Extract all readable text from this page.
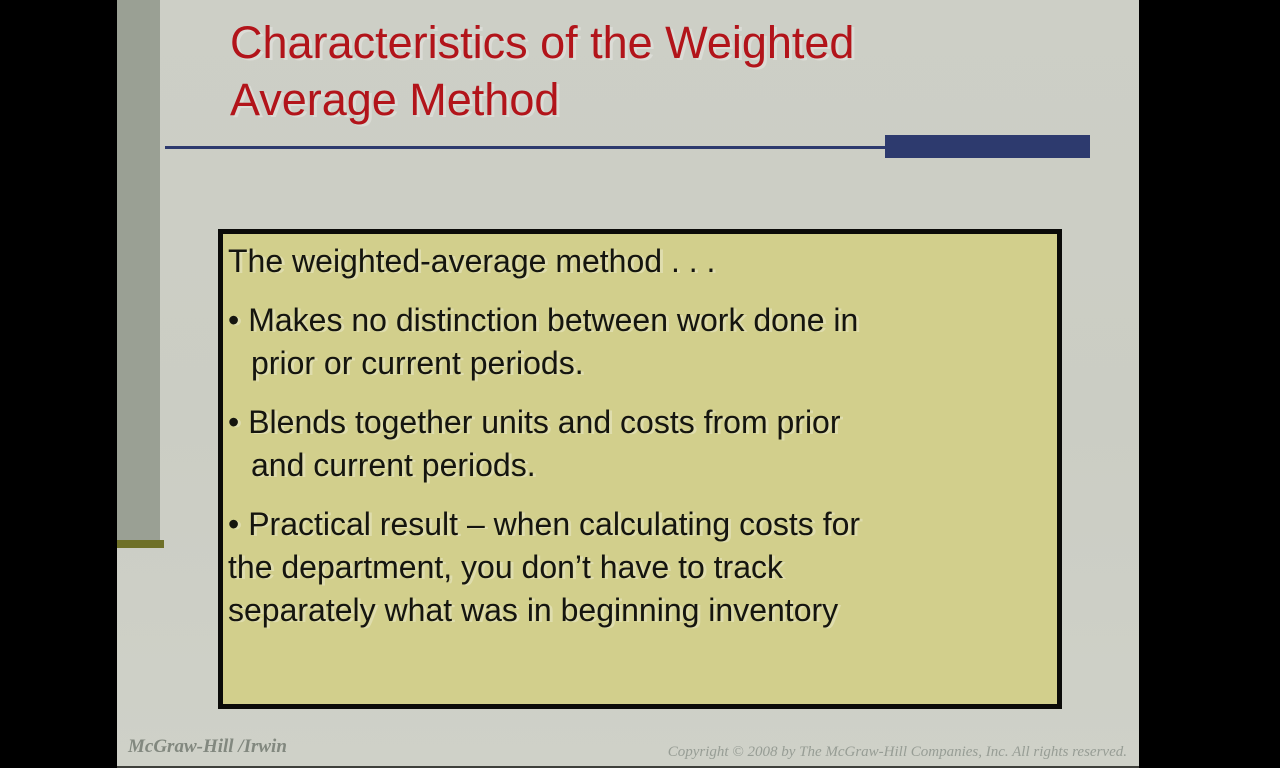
Characteristics of the Weighted
Average Method
The weighted-average method . . .
• Makes no distinction between work done in
prior or current periods.
• Blends together units and costs from prior
and current periods.
• Practical result – when calculating costs for
the department, you don’t have to track
separately what was in beginning inventory
McGraw-Hill /Irwin	Copyright © 2008 by The McGraw-Hill Companies, Inc. All rights reserved.
